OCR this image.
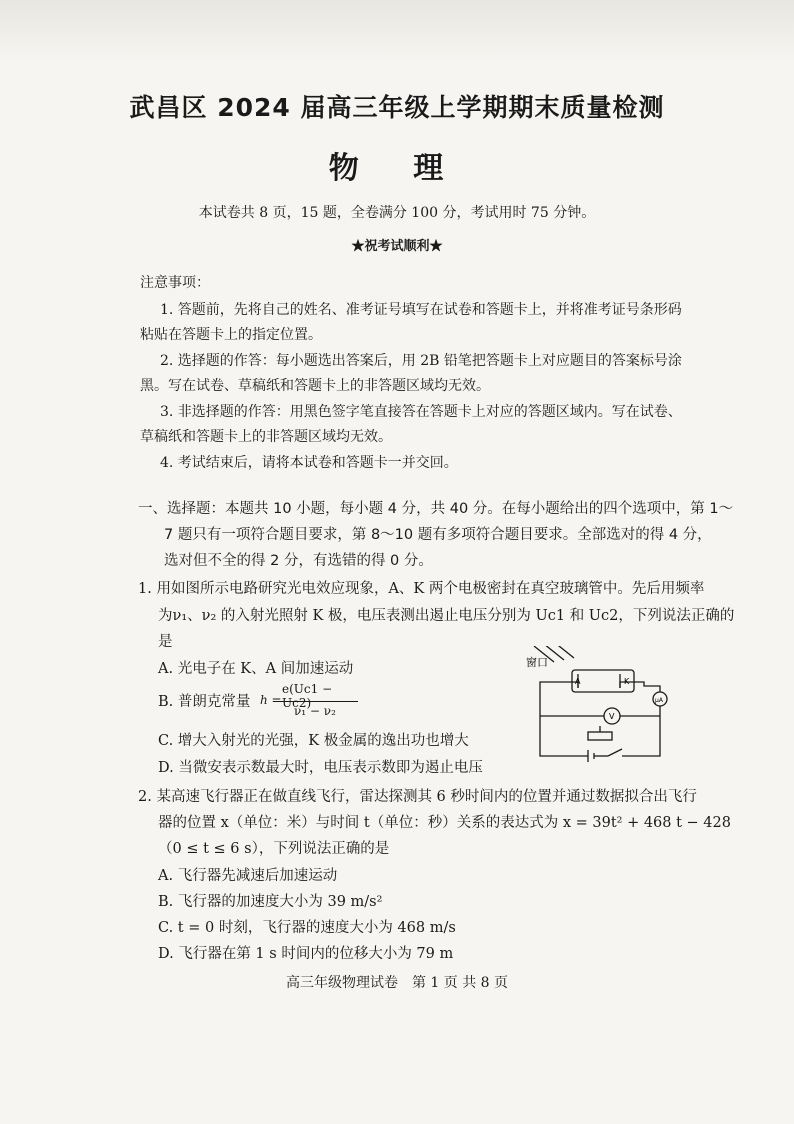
武昌区 2024 届高三年级上学期期末质量检测
物 理
本试卷共 8 页，15 题，全卷满分 100 分，考试用时 75 分钟。
★祝考试顺利★
注意事项：
1. 答题前，先将自己的姓名、准考证号填写在试卷和答题卡上，并将准考证号条形码
粘贴在答题卡上的指定位置。
2. 选择题的作答：每小题选出答案后，用 2B 铅笔把答题卡上对应题目的答案标号涂
黑。写在试卷、草稿纸和答题卡上的非答题区域均无效。
3. 非选择题的作答：用黑色签字笔直接答在答题卡上对应的答题区域内。写在试卷、
草稿纸和答题卡上的非答题区域均无效。
4. 考试结束后，请将本试卷和答题卡一并交回。
一、选择题：本题共 10 小题，每小题 4 分，共 40 分。在每小题给出的四个选项中，第 1～
7 题只有一项符合题目要求，第 8～10 题有多项符合题目要求。全部选对的得 4 分，
选对但不全的得 2 分，有选错的得 0 分。
1. 用如图所示电路研究光电效应现象，A、K 两个电极密封在真空玻璃管中。先后用频率
为ν₁、ν₂ 的入射光照射 K 极，电压表测出遏止电压分别为 Uc1 和 Uc2，下列说法正确的
是
A. 光电子在 K、A 间加速运动
B. 普朗克常量 h =
e(Uc1 − Uc2)
ν₁ − ν₂
C. 增大入射光的光强，K 极金属的逸出功也增大
D. 当微安表示数最大时，电压表示数即为遏止电压
窗口
A	K
μA
V
2. 某高速飞行器正在做直线飞行，雷达探测其 6 秒时间内的位置并通过数据拟合出飞行
器的位置 x（单位：米）与时间 t（单位：秒）关系的表达式为 x = 39t² + 468 t − 428
（0 ≤ t ≤ 6 s），下列说法正确的是
A. 飞行器先减速后加速运动
B. 飞行器的加速度大小为 39 m/s²
C. t = 0 时刻，飞行器的速度大小为 468 m/s
D. 飞行器在第 1 s 时间内的位移大小为 79 m
高三年级物理试卷　第 1 页 共 8 页
